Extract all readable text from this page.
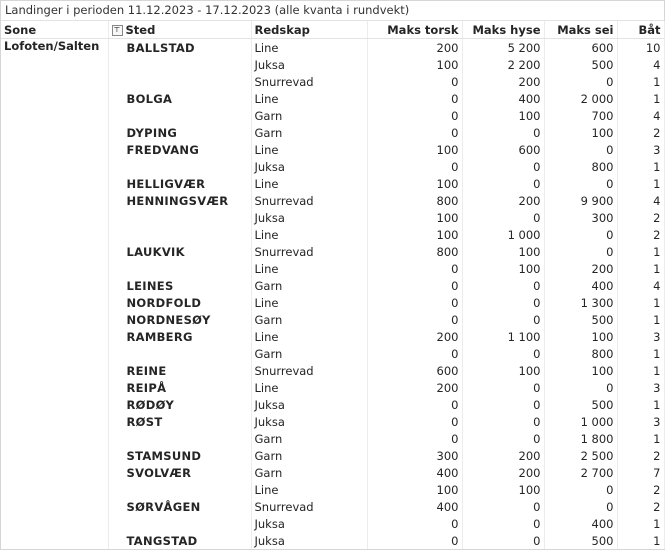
Landinger i perioden 11.12.2023 - 17.12.2023 (alle kvanta i rundvekt)
Sone	⊤ Sted	Redskap	Maks torsk	Maks hyse	Maks sei	Båt
Lofoten/Salten	BALLSTAD	Line	200	5 200	600	10
		Juksa	100	2 200	500	4
		Snurrevad	0	200	0	1
	BOLGA	Line	0	400	2 000	1
		Garn	0	100	700	4
	DYPING	Garn	0	0	100	2
	FREDVANG	Line	100	600	0	3
		Juksa	0	0	800	1
	HELLIGVÆR	Line	100	0	0	1
	HENNINGSVÆR	Snurrevad	800	200	9 900	4
		Juksa	100	0	300	2
		Line	100	1 000	0	2
	LAUKVIK	Snurrevad	800	100	0	1
		Line	0	100	200	1
	LEINES	Garn	0	0	400	4
	NORDFOLD	Line	0	0	1 300	1
	NORDNESØY	Garn	0	0	500	1
	RAMBERG	Line	200	1 100	100	3
		Garn	0	0	800	1
	REINE	Snurrevad	600	100	100	1
	REIPÅ	Line	200	0	0	3
	RØDØY	Juksa	0	0	500	1
	RØST	Juksa	0	0	1 000	3
		Garn	0	0	1 800	1
	STAMSUND	Garn	300	200	2 500	2
	SVOLVÆR	Garn	400	200	2 700	7
		Line	100	100	0	2
	SØRVÅGEN	Snurrevad	400	0	0	2
		Juksa	0	0	400	1
	TANGSTAD	Juksa	0	0	500	1
